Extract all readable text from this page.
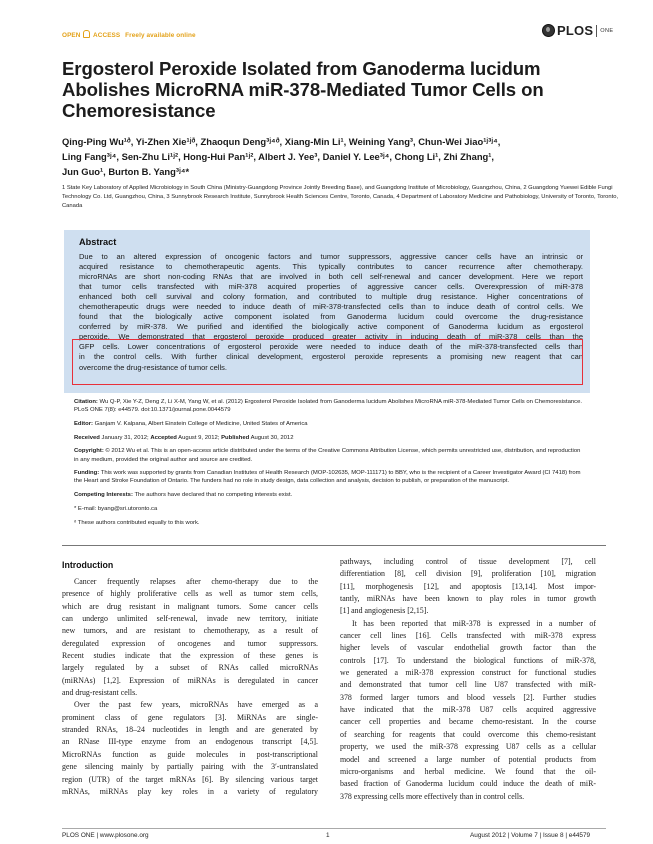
OPEN ACCESS Freely available online	PLOS ONE
Ergosterol Peroxide Isolated from Ganoderma lucidum
Abolishes MicroRNA miR-378-Mediated Tumor Cells on
Chemoresistance
Qing-Ping Wu¹ᶞ, Yi-Zhen Xie¹ʲᶞ, Zhaoqun Deng³ʲ⁴ᶞ, Xiang-Min Li¹, Weining Yang³, Chun-Wei Jiao¹ʲ³ʲ⁴,
Ling Fang³ʲ⁴, Sen-Zhu Li¹ʲ², Hong-Hui Pan¹ʲ², Albert J. Yee³, Daniel Y. Lee³ʲ⁴, Chong Li¹, Zhi Zhang¹,
Jun Guo¹, Burton B. Yang³ʲ⁴*
1 State Key Laboratory of Applied Microbiology in South China (Ministry-Guangdong Province Jointly Breeding Base), and Guangdong Institute of Microbiology, Guangzhou, China, 2 Guangdong Yuewei Edible Fungi Technology Co. Ltd, Guangzhou, China, 3 Sunnybrook Research Institute, Sunnybrook Health Sciences Centre, Toronto, Canada, 4 Department of Laboratory Medicine and Pathobiology, University of Toronto, Toronto, Canada
Abstract
Due to an altered expression of oncogenic factors and tumor suppressors, aggressive cancer cells have an intrinsic or
acquired resistance to chemotherapeutic agents. This typically contributes to cancer recurrence after chemotherapy.
microRNAs are short non-coding RNAs that are involved in both cell self-renewal and cancer development. Here we report
that tumor cells transfected with miR-378 acquired properties of aggressive cancer cells. Overexpression of miR-378
enhanced both cell survival and colony formation, and contributed to multiple drug resistance. Higher concentrations of
chemotherapeutic drugs were needed to induce death of miR-378-transfected cells than to induce death of control cells. We
found that the biologically active component isolated from Ganoderma lucidum could overcome the drug-resistance
conferred by miR-378. We purified and identified the biologically active component of Ganoderma lucidum as ergosterol
peroxide. We demonstrated that ergosterol peroxide produced greater activity in inducing death of miR-378 cells than the
GFP cells. Lower concentrations of ergosterol peroxide were needed to induce death of the miR-378-transfected cells than
in the control cells. With further clinical development, ergosterol peroxide represents a promising new reagent that can
overcome the drug-resistance of tumor cells.

Citation: Wu Q-P, Xie Y-Z, Deng Z, Li X-M, Yang W, et al. (2012) Ergosterol Peroxide Isolated from Ganoderma lucidum Abolishes MicroRNA miR-378-Mediated Tumor Cells on Chemoresistance. PLoS ONE 7(8): e44579. doi:10.1371/journal.pone.0044579

Editor: Ganjam V. Kalpana, Albert Einstein College of Medicine, United States of America

Received January 31, 2012; Accepted August 9, 2012; Published August 30, 2012

Copyright: © 2012 Wu et al. This is an open-access article distributed under the terms of the Creative Commons Attribution License, which permits unrestricted use, distribution, and reproduction in any medium, provided the original author and source are credited.

Funding: This work was supported by grants from Canadian Institutes of Health Research (MOP-102635, MOP-111171) to BBY, who is the recipient of a Career Investigator Award (CI 7418) from the Heart and Stroke Foundation of Ontario. The funders had no role in study design, data collection and analysis, decision to publish, or preparation of the manuscript.

Competing Interests: The authors have declared that no competing interests exist.

* E-mail: byang@sri.utoronto.ca

ᶞ These authors contributed equally to this work.

Introduction
Cancer frequently relapses after chemo-therapy due to the
presence of highly proliferative cells as well as tumor stem cells,
which are drug resistant in malignant tumors. Some cancer cells
can undergo unlimited self-renewal, invade new territory, initiate
new tumors, and are resistant to chemotherapy, as a result of
deregulated expression of oncogenes and tumor suppressors.
Recent studies indicate that the expression of these genes is
largely regulated by a subset of RNAs called microRNAs
(miRNAs) [1,2]. Expression of miRNAs is deregulated in cancer
and drug-resistant cells.
Over the past few years, microRNAs have emerged as a
prominent class of gene regulators [3]. MiRNAs are single-
stranded RNAs, 18–24 nucleotides in length and are generated by
an RNase III-type enzyme from an endogenous transcript [4,5].
MicroRNAs function as guide molecules in post-transcriptional
gene silencing mainly by partially pairing with the 3′-untranslated
region (UTR) of the target mRNAs [6]. By silencing various target
mRNAs, miRNAs play key roles in a variety of regulatory
pathways, including control of tissue development [7], cell
differentiation [8], cell division [9], proliferation [10], migration
[11], morphogenesis [12], and apoptosis [13,14]. Most impor-
tantly, miRNAs have been known to play roles in tumor growth
[1] and angiogenesis [2,15].
It has been reported that miR-378 is expressed in a number of
cancer cell lines [16]. Cells transfected with miR-378 express
higher levels of vascular endothelial growth factor than the
controls [17]. To understand the biological functions of miR-378,
we generated a miR-378 expression construct for functional studies
and demonstrated that tumor cell line U87 transfected with miR-
378 formed larger tumors and blood vessels [2]. Further studies
have indicated that the miR-378 U87 cells acquired aggressive
cancer cell properties and became chemo-resistant. In the course
of searching for reagents that could overcome this chemo-resistant
property, we used the miR-378 expressing U87 cells as a cellular
model and screened a large number of potential products from
micro-organisms and herbal medicine. We found that the oil-
based fraction of Ganoderma lucidum could induce the death of miR-
378 expressing cells more effectively than in control cells.
PLOS ONE | www.plosone.org	1	August 2012 | Volume 7 | Issue 8 | e44579
